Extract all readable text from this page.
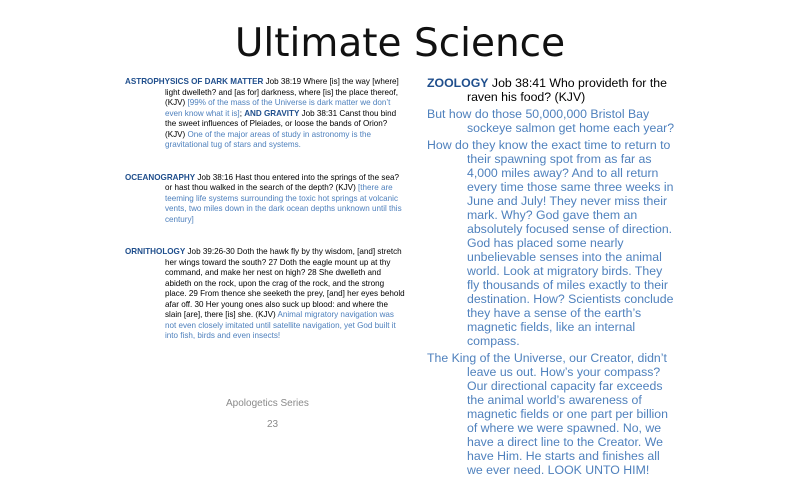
Ultimate Science

ASTROPHYSICS OF DARK MATTER Job 38:19 Where [is] the way [where] light dwelleth? and [as for] darkness, where [is] the place thereof, (KJV) [99% of the mass of the Universe is dark matter we don’t even know what it is]; AND GRAVITY Job 38:31 Canst thou bind the sweet influences of Pleiades, or loose the bands of Orion? (KJV) One of the major areas of study in astronomy is the gravitational tug of stars and systems.

OCEANOGRAPHY Job 38:16 Hast thou entered into the springs of the sea? or hast thou walked in the search of the depth? (KJV) [there are teeming life systems surrounding the toxic hot springs at volcanic vents, two miles down in the dark ocean depths unknown until this century]

ORNITHOLOGY Job 39:26-30 Doth the hawk fly by thy wisdom, [and] stretch her wings toward the south? 27 Doth the eagle mount up at thy command, and make her nest on high? 28 She dwelleth and abideth on the rock, upon the crag of the rock, and the strong place. 29 From thence she seeketh the prey, [and] her eyes behold afar off. 30 Her young ones also suck up blood: and where the slain [are], there [is] she. (KJV) Animal migratory navigation was not even closely imitated until satellite navigation, yet God built it into fish, birds and even insects!

ZOOLOGY Job 38:41 Who provideth for the raven his food? (KJV)

But how do those 50,000,000 Bristol Bay sockeye salmon get home each year?

How do they know the exact time to return to their spawning spot from as far as 4,000 miles away? And to all return every time those same three weeks in June and July! They never miss their mark. Why? God gave them an absolutely focused sense of direction. God has placed some nearly unbelievable senses into the animal world. Look at migratory birds. They fly thousands of miles exactly to their destination. How? Scientists conclude they have a sense of the earth’s magnetic fields, like an internal compass.

The King of the Universe, our Creator, didn’t leave us out. How’s your compass? Our directional capacity far exceeds the animal world’s awareness of magnetic fields or one part per billion of where we were spawned. No, we have a direct line to the Creator. We have Him. He starts and finishes all we ever need. LOOK UNTO HIM!

Apologetics Series
23
